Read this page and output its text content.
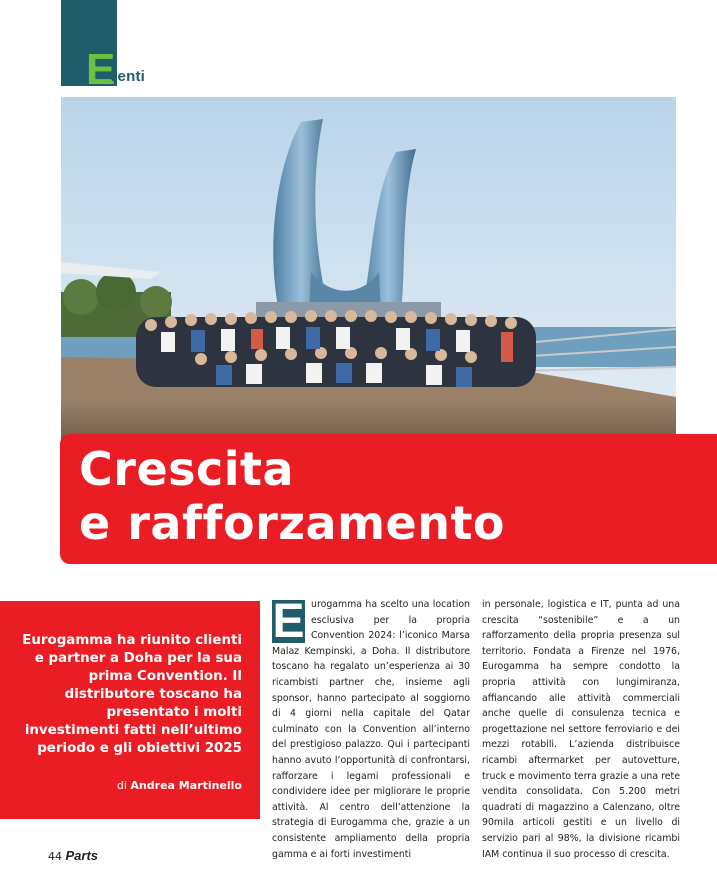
E
venti
Crescita
e rafforzamento
Eurogamma ha riunito clienti e partner a Doha per la sua prima Convention. Il distributore toscano ha presentato i molti investimenti fatti nell’ultimo periodo e gli obiettivi 2025
di Andrea Martinello

E urogamma ha scelto una location esclusiva per la propria Convention 2024: l’iconico Marsa Malaz Kempinski, a Doha. Il distributore toscano ha regalato un’esperienza ai 30 ricambisti partner che, insieme agli sponsor, hanno partecipato al soggiorno di 4 giorni nella capitale del Qatar culminato con la Convention all’interno del prestigioso palazzo. Qui i partecipanti hanno avuto l’opportunità di confrontarsi, rafforzare i legami professionali e condividere idee per migliorare le proprie attività. Al centro dell’attenzione la strategia di Eurogamma che, grazie a un consistente ampliamento della propria gamma e ai forti investimenti

in personale, logistica e IT, punta ad una crescita “sostenibile” e a un rafforzamento della propria presenza sul territorio. Fondata a Firenze nel 1976, Eurogamma ha sempre condotto la propria attività con lungimiranza, affiancando alle attività commerciali anche quelle di consulenza tecnica e progettazione nel settore ferroviario e dei mezzi rotabili. L’azienda distribuisce ricambi aftermarket per autovetture, truck e movimento terra grazie a una rete vendita consolidata. Con 5.200 metri quadrati di magazzino a Calenzano, oltre 90mila articoli gestiti e un livello di servizio pari al 98%, la divisione ricambi IAM continua il suo processo di crescita.

44 Parts
